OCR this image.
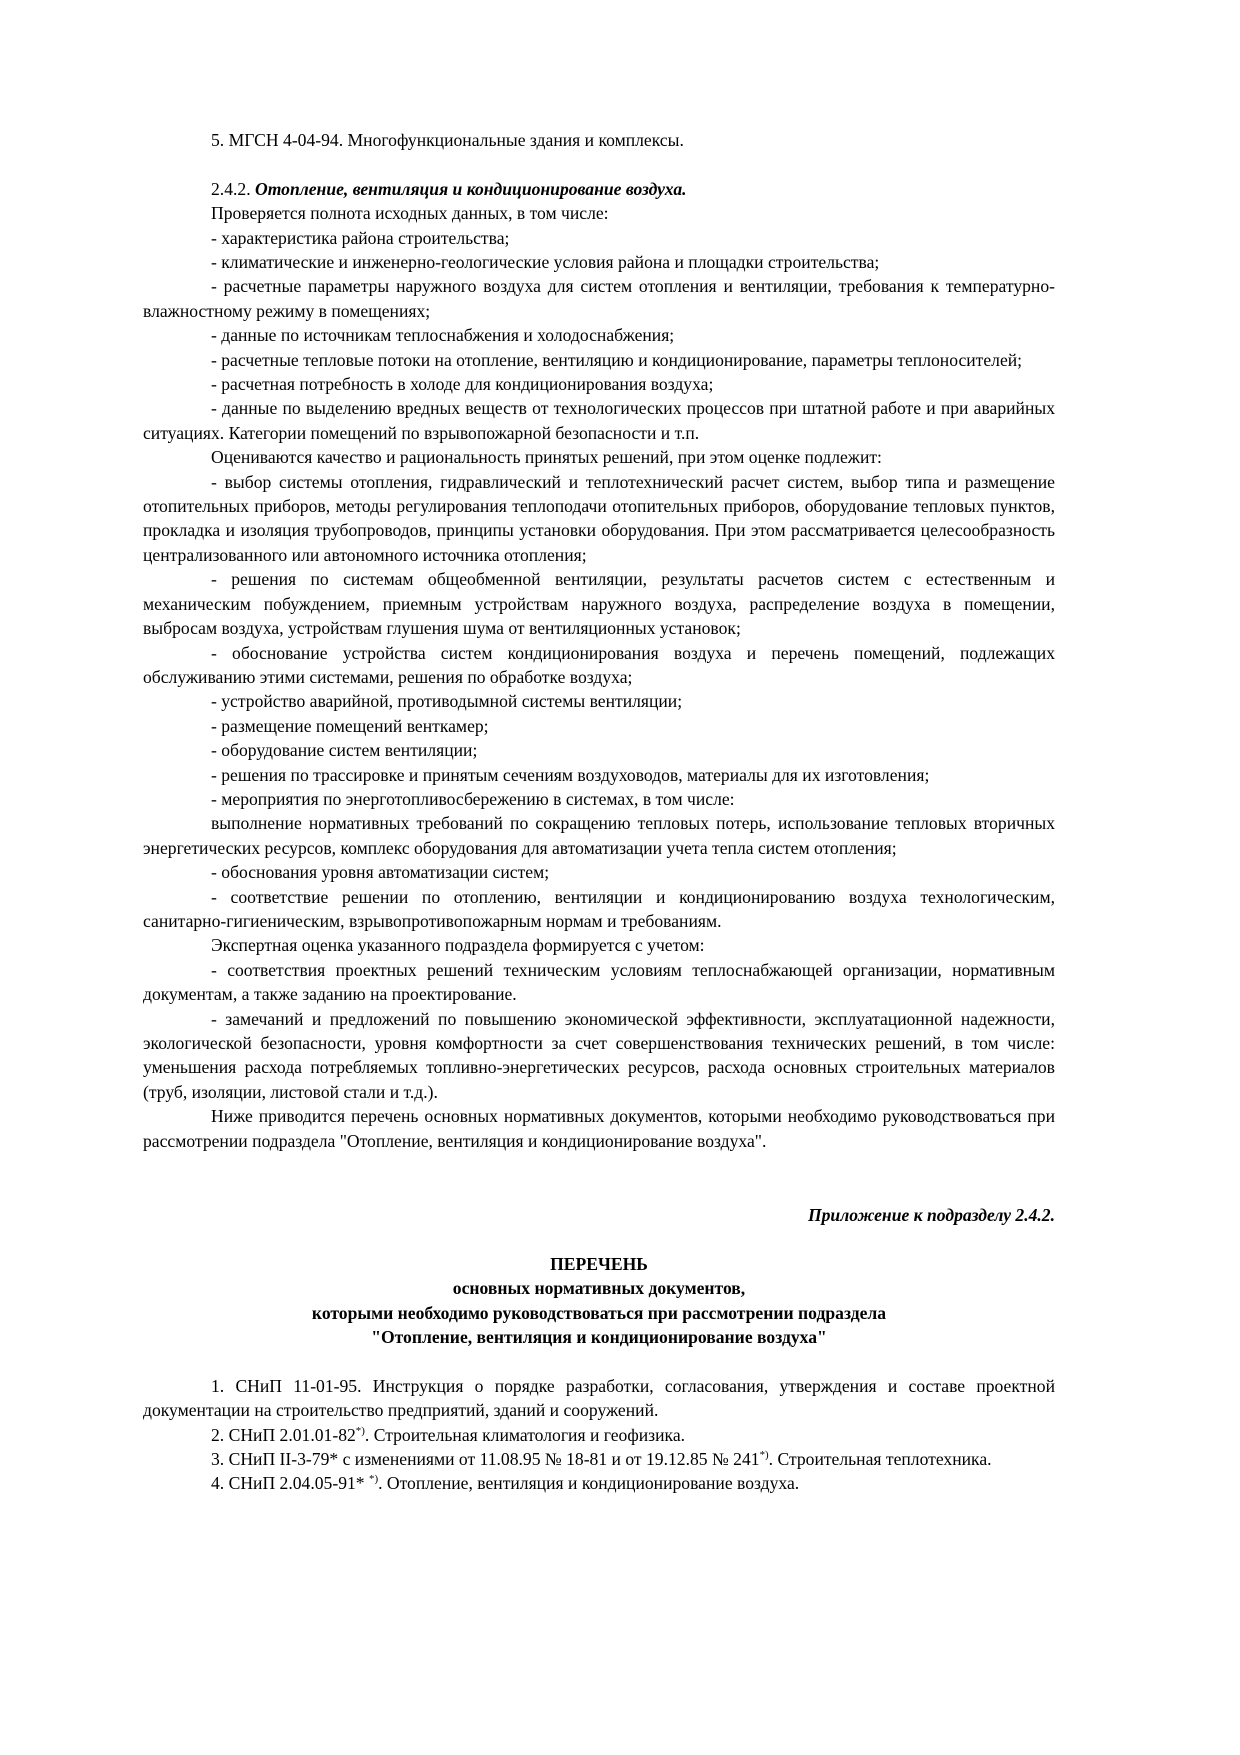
5. МГСН 4-04-94. Многофункциональные здания и комплексы.

2.4.2. Отопление, вентиляция и кондиционирование воздуха.

Проверяется полнота исходных данных, в том числе:

- характеристика района строительства;

- климатические и инженерно-геологические условия района и площадки строительства;

- расчетные параметры наружного воздуха для систем отопления и вентиляции, требования к температурно-влажностному режиму в помещениях;

- данные по источникам теплоснабжения и холодоснабжения;

- расчетные тепловые потоки на отопление, вентиляцию и кондиционирование, параметры теплоносителей;

- расчетная потребность в холоде для кондиционирования воздуха;

- данные по выделению вредных веществ от технологических процессов при штатной работе и при аварийных ситуациях. Категории помещений по взрывопожарной безопасности и т.п.

Оцениваются качество и рациональность принятых решений, при этом оценке подлежит:

- выбор системы отопления, гидравлический и теплотехнический расчет систем, выбор типа и размещение отопительных приборов, методы регулирования теплоподачи отопительных приборов, оборудование тепловых пунктов, прокладка и изоляция трубопроводов, принципы установки оборудования. При этом рассматривается целесообразность централизованного или автономного источника отопления;

- решения по системам общеобменной вентиляции, результаты расчетов систем с естественным и механическим побуждением, приемным устройствам наружного воздуха, распределение воздуха в помещении, выбросам воздуха, устройствам глушения шума от вентиляционных установок;

- обоснование устройства систем кондиционирования воздуха и перечень помещений, подлежащих обслуживанию этими системами, решения по обработке воздуха;

- устройство аварийной, противодымной системы вентиляции;

- размещение помещений венткамер;

- оборудование систем вентиляции;

- решения по трассировке и принятым сечениям воздуховодов, материалы для их изготовления;

- мероприятия по энерготопливосбережению в системах, в том числе:

выполнение нормативных требований по сокращению тепловых потерь, использование тепловых вторичных энергетических ресурсов, комплекс оборудования для автоматизации учета тепла систем отопления;

- обоснования уровня автоматизации систем;

- соответствие решении по отоплению, вентиляции и кондиционированию воздуха технологическим, санитарно-гигиеническим, взрывопротивопожарным нормам и требованиям.

Экспертная оценка указанного подраздела формируется с учетом:

- соответствия проектных решений техническим условиям теплоснабжающей организации, нормативным документам, а также заданию на проектирование.

- замечаний и предложений по повышению экономической эффективности, эксплуатационной надежности, экологической безопасности, уровня комфортности за счет совершенствования технических решений, в том числе: уменьшения расхода потребляемых топливно-энергетических ресурсов, расхода основных строительных материалов (труб, изоляции, листовой стали и т.д.).

Ниже приводится перечень основных нормативных документов, которыми необходимо руководствоваться при рассмотрении подраздела "Отопление, вентиляция и кондиционирование воздуха".

Приложение к подразделу 2.4.2.

ПЕРЕЧЕНЬ

основных нормативных документов,

которыми необходимо руководствоваться при рассмотрении подраздела

"Отопление, вентиляция и кондиционирование воздуха"

1. СНиП 11-01-95. Инструкция о порядке разработки, согласования, утверждения и составе проектной документации на строительство предприятий, зданий и сооружений.

2. СНиП 2.01.01-82*). Строительная климатология и геофизика.

3. СНиП II-3-79* с изменениями от 11.08.95 № 18-81 и от 19.12.85 № 241*). Строительная теплотехника.

4. СНиП 2.04.05-91* *). Отопление, вентиляция и кондиционирование воздуха.
